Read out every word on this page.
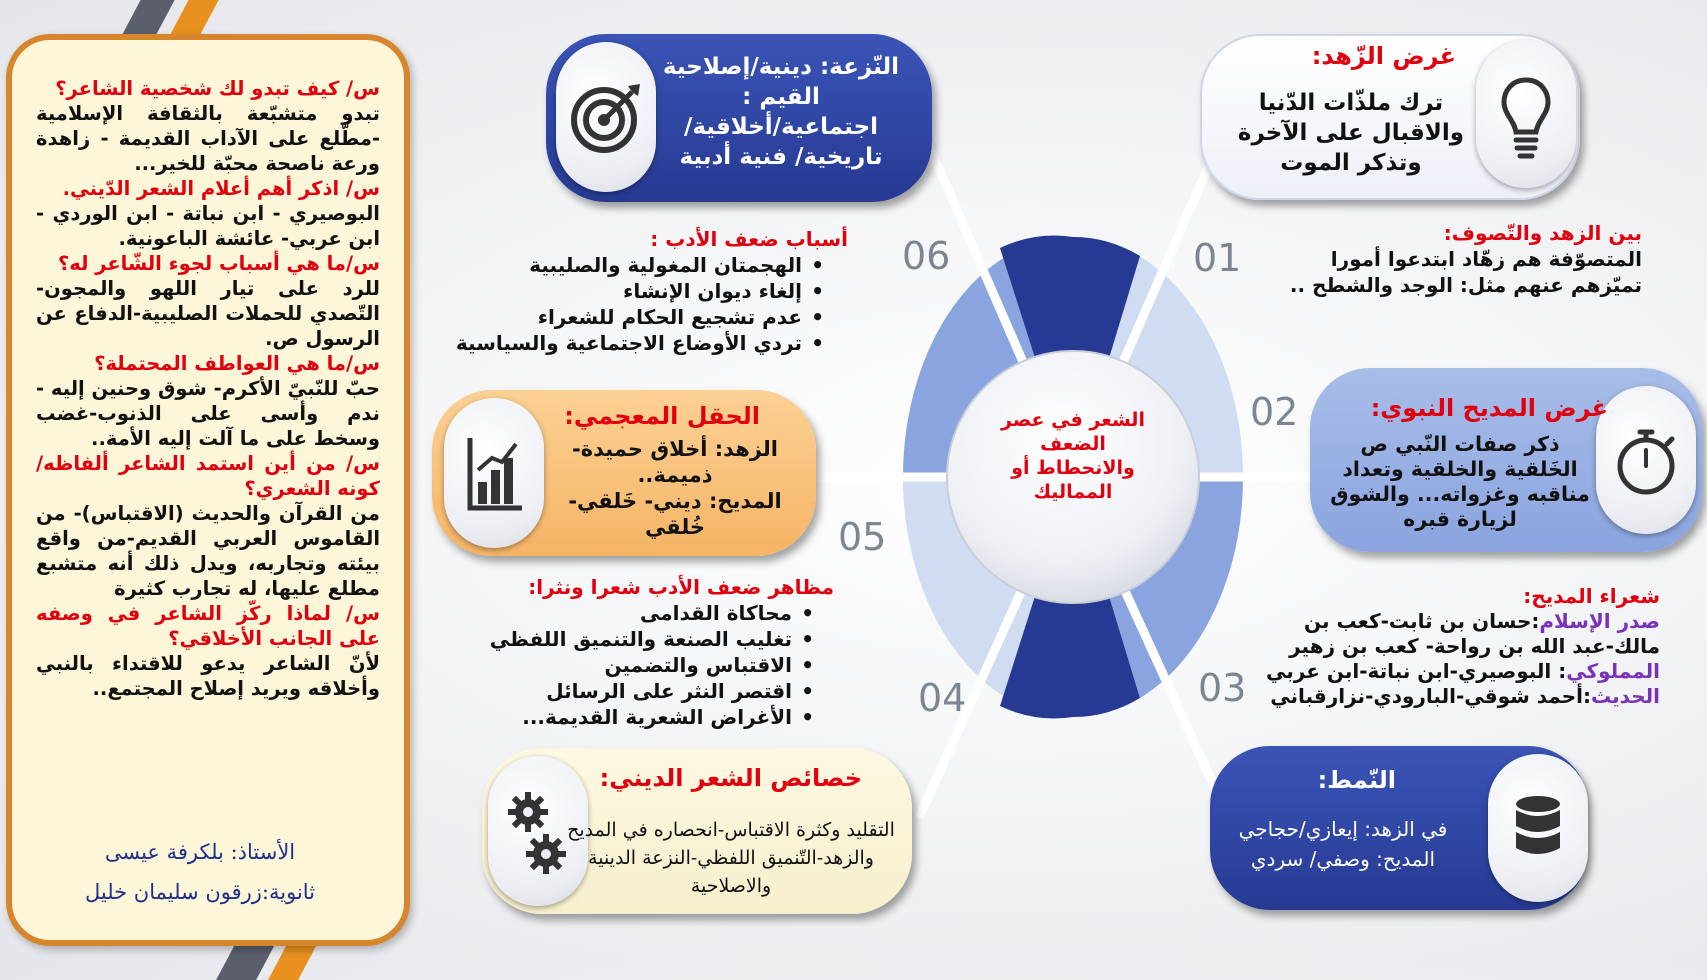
س/ كيف تبدو لك شخصية الشاعر؟

تبدو متشبّعة بالثقافة الإسلامية -مطّلع على الآداب القديمة - زاهدة ورعة ناصحة محبّة للخير...

س/ اذكر أهم أعلام الشعر الدّيني.

البوصيري - ابن نباتة - ابن الوردي - ابن عربي- عائشة الباعونية.

س/ما هي أسباب لجوء الشّاعر له؟

للرد على تيار اللهو والمجون-التّصدي للحملات الصليبية-الدفاع عن الرسول ص.

س/ما هي العواطف المحتملة؟

حبّ للنّبيّ الأكرم- شوق وحنين إليه - ندم وأسى على الذنوب-غضب وسخط على ما آلت إليه الأمة..

س/ من أين استمد الشاعر ألفاظه/ كونه الشعري؟

من القرآن والحديث (الاقتباس)- من القاموس العربي القديم-من واقع بيئته وتجاربه، ويدل ذلك أنه متشبع مطلع عليها، له تجارب كثيرة

س/ لماذا ركّز الشاعر في وصفه على الجانب الأخلاقي؟

لأنّ الشاعر يدعو للاقتداء بالنبي وأخلاقه ويريد إصلاح المجتمع..

الأستاذ: بلكرفة عيسى
ثانوية:زرقون سليمان خليل
الشعر في عصر الضعف والانحطاط أو المماليك
01
02
03
04
05
06
غرض الزّهد:
ترك ملذّات الدّنيا والاقبال على الآخرة وتذكر الموت
بين الزهد والتّصوف:
المتصوّفة هم زهّاد ابتدعوا أمورا
تميّزهم عنهم مثل: الوجد والشطح ..
غرض المديح النبوي:
ذكر صفات النّبي ص الخَلقية والخلقية وتعداد مناقبه وغزواته... والشوق لزيارة قبره
شعراء المديح:
صدر الإسلام:حسان بن ثابت-كعب بن
مالك-عبد الله بن رواحة- كعب بن زهير
المملوكي: البوصيري-ابن نباتة-ابن عربي
الحديث:أحمد شوقي-البارودي-نزارقباني
النّمط:
في الزهد: إيعازي/حجاجي
المديح: وصفي/ سردي
خصائص الشعر الديني:
التقليد وكثرة الاقتباس-انحصاره في المديح والزهد-التّنميق اللفظي-النزعة الدينية والاصلاحية
مظاهر ضعف الأدب شعرا ونثرا:
• محاكاة القدامى
• تغليب الصنعة والتنميق اللفظي
• الاقتباس والتضمين
• اقتصر النثر على الرسائل
• الأغراض الشعرية القديمة...
الحقل المعجمي:
الزهد: أخلاق حميدة-
ذميمة..
المديح: ديني- خَلقي-خُلقي
النّزعة: دينية/إصلاحية
القيم :
اجتماعية/أخلاقية/
تاريخية/ فنية أدبية
أسباب ضعف الأدب :
• الهجمتان المغولية والصليبية
• إلغاء ديوان الإنشاء
• عدم تشجيع الحكام للشعراء
• تردي الأوضاع الاجتماعية والسياسية
